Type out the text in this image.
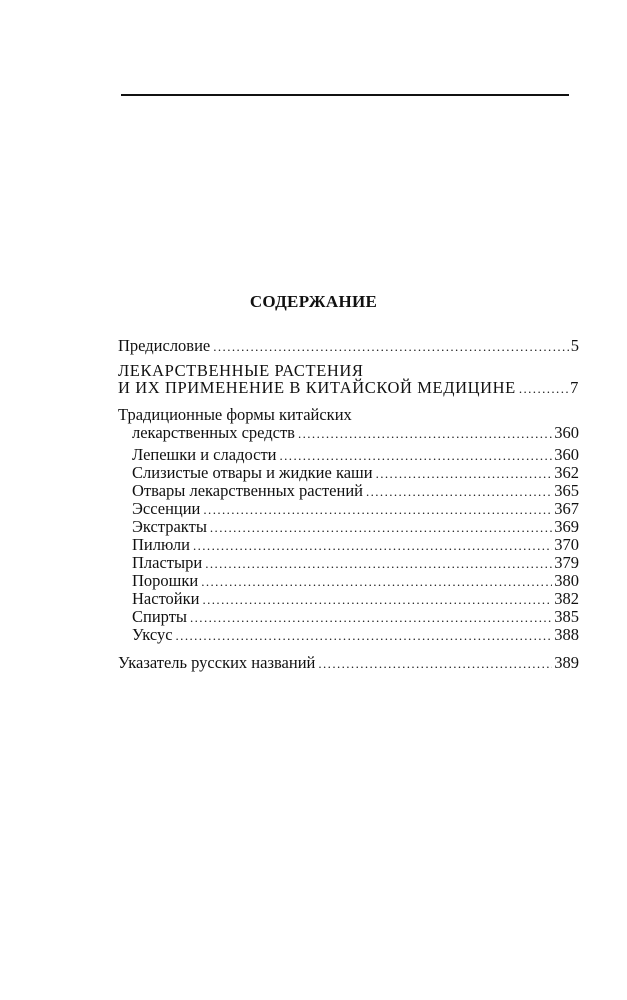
СОДЕРЖАНИЕ
Предисловие .....	5
ЛЕКАРСТВЕННЫЕ РАСТЕНИЯ
И ИХ ПРИМЕНЕНИЕ В КИТАЙСКОЙ МЕДИЦИНЕ .....	7
Традиционные формы китайских
лекарственных средств .....	360
Лепешки и сладости .....	360
Слизистые отвары и жидкие каши .....	362
Отвары лекарственных растений .....	365
Эссенции .....	367
Экстракты .....	369
Пилюли .....	370
Пластыри .....	379
Порошки .....	380
Настойки .....	382
Спирты .....	385
Уксус .....	388
Указатель русских названий .....	389
